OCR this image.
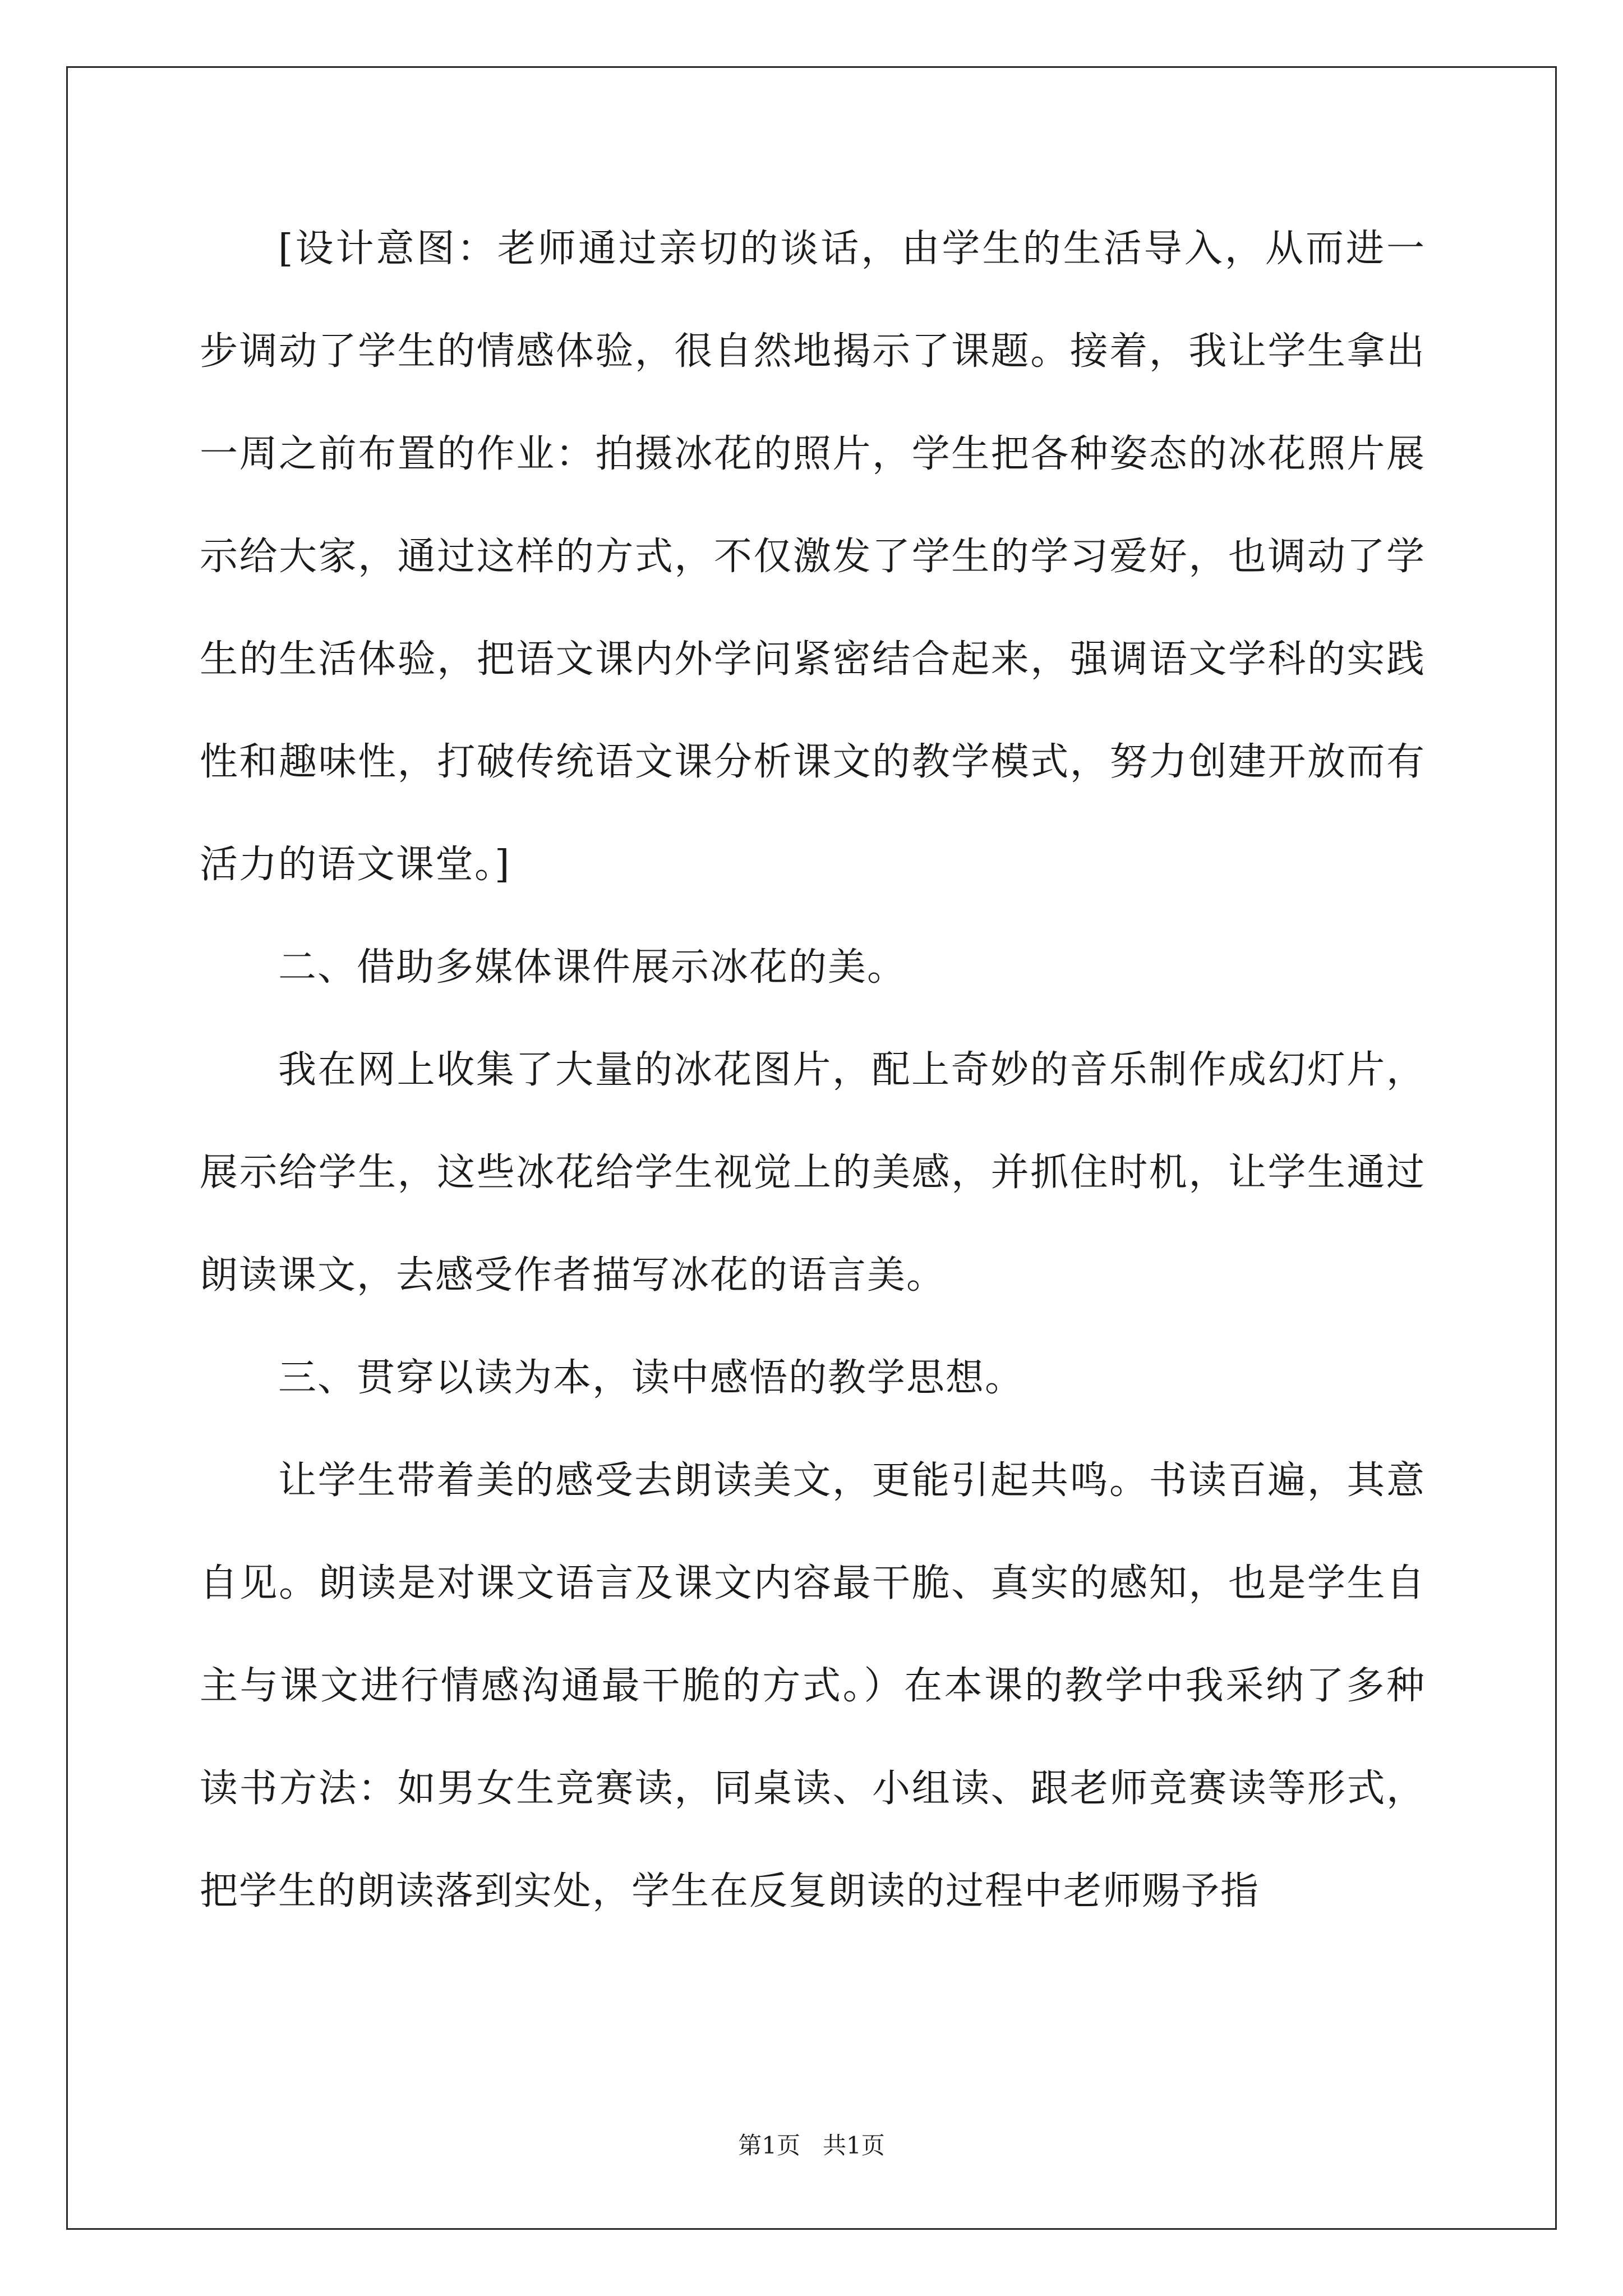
[设计意图：老师通过亲切的谈话，由学生的生活导入，从而进一步调动了学生的情感体验，很自然地揭示了课题。接着，我让学生拿出一周之前布置的作业：拍摄冰花的照片，学生把各种姿态的冰花照片展示给大家，通过这样的方式，不仅激发了学生的学习爱好，也调动了学生的生活体验，把语文课内外学问紧密结合起来，强调语文学科的实践性和趣味性，打破传统语文课分析课文的教学模式，努力创建开放而有活力的语文课堂。]

二、借助多媒体课件展示冰花的美。

我在网上收集了大量的冰花图片，配上奇妙的音乐制作成幻灯片，展示给学生，这些冰花给学生视觉上的美感，并抓住时机，让学生通过朗读课文，去感受作者描写冰花的语言美。

三、贯穿以读为本，读中感悟的教学思想。

让学生带着美的感受去朗读美文，更能引起共鸣。书读百遍，其意自见。朗读是对课文语言及课文内容最干脆、真实的感知，也是学生自主与课文进行情感沟通最干脆的方式。）在本课的教学中我采纳了多种读书方法：如男女生竞赛读，同桌读、小组读、跟老师竞赛读等形式，把学生的朗读落到实处，学生在反复朗读的过程中老师赐予指

第1页 共1页
